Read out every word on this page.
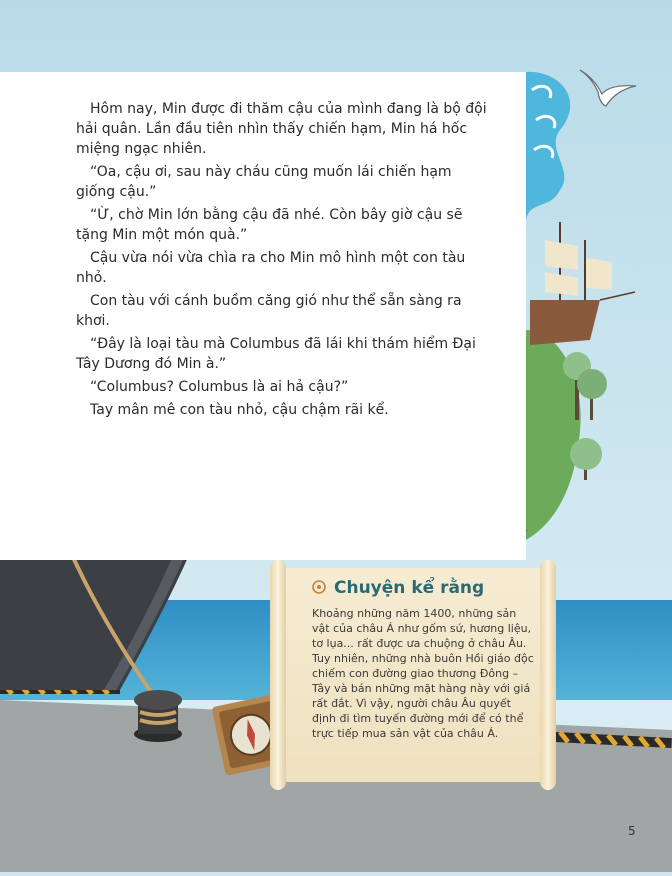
Hôm nay, Min được đi thăm cậu của mình đang là bộ đội hải quân. Lần đầu tiên nhìn thấy chiến hạm, Min há hốc miệng ngạc nhiên.

“Oa, cậu ơi, sau này cháu cũng muốn lái chiến hạm giống cậu.”

“Ừ, chờ Min lớn bằng cậu đã nhé. Còn bây giờ cậu sẽ tặng Min một món quà.”

Cậu vừa nói vừa chìa ra cho Min mô hình một con tàu nhỏ.

Con tàu với cánh buồm căng gió như thể sẵn sàng ra khơi.

“Đây là loại tàu mà Columbus đã lái khi thám hiểm Đại Tây Dương đó Min à.”

“Columbus? Columbus là ai hả cậu?”

Tay mân mê con tàu nhỏ, cậu chậm rãi kể.

Chuyện kể rằng
Khoảng những năm 1400, những sản vật của châu Á như gốm sứ, hương liệu, tơ lụa... rất được ưa chuộng ở châu Âu. Tuy nhiên, những nhà buôn Hồi giáo độc chiếm con đường giao thương Đông – Tây và bán những mặt hàng này với giá rất đắt. Vì vậy, người châu Âu quyết định đi tìm tuyến đường mới để có thể trực tiếp mua sản vật của châu Á.
5
